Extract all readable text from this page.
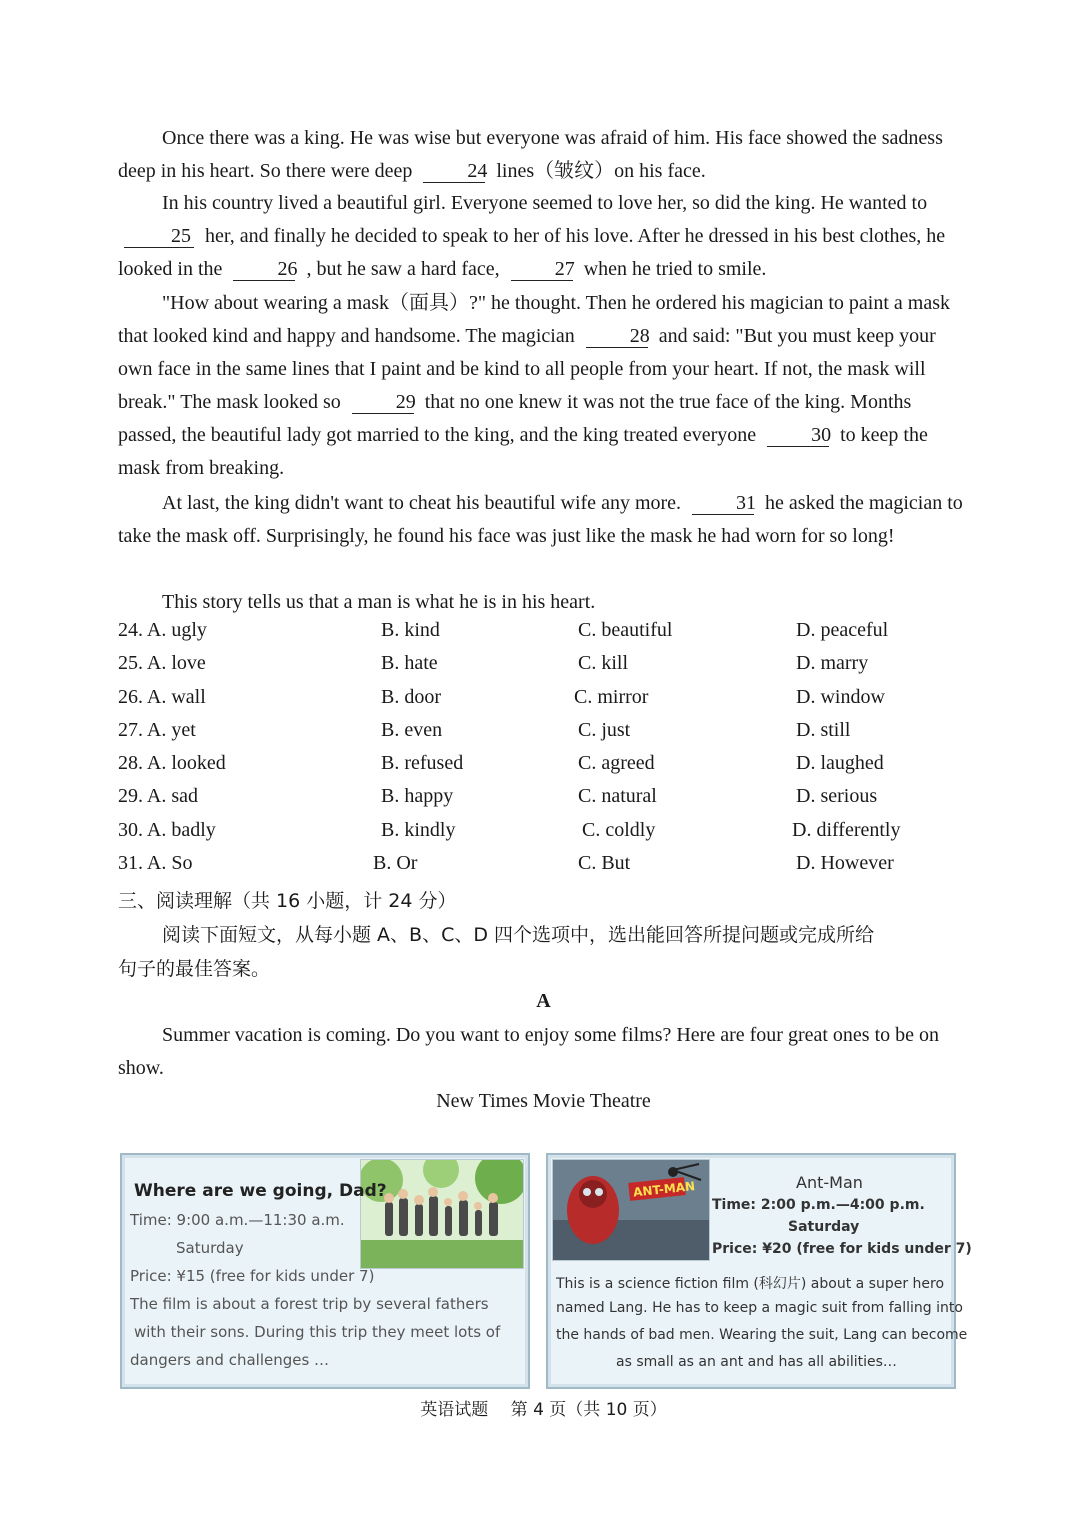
Once there was a king. He was wise but everyone was afraid of him. His face showed the sadness deep in his heart. So there were deep	24 lines（皱纹）on his face.

In his country lived a beautiful girl. Everyone seemed to love her, so did the king. He wanted to 25 her, and finally he decided to speak to her of his love. After he dressed in his best clothes, he looked in the	26 , but he saw a hard face,	27 when he tried to smile.

"How about wearing a mask（面具）?" he thought. Then he ordered his magician to paint a mask that looked kind and happy and handsome. The magician	28 and said: "But you must keep your own face in the same lines that I paint and be kind to all people from your heart. If not, the mask will break." The mask looked so	29 that no one knew it was not the true face of the king. Months passed, the beautiful lady got married to the king, and the king treated everyone	30 to keep the mask from breaking.

At last, the king didn't want to cheat his beautiful wife any more.	31 he asked the magician to take the mask off. Surprisingly, he found his face was just like the mask he had worn for so long!

This story tells us that a man is what he is in his heart.

24. A. ugly	B. kind	C. beautiful	D. peaceful
25. A. love	B. hate	C. kill	D. marry
26. A. wall	B. door	C. mirror	D. window
27. A. yet	B. even	C. just	D. still
28. A. looked	B. refused	C. agreed	D. laughed
29. A. sad	B. happy	C. natural	D. serious
30. A. badly	B. kindly	C. coldly	D. differently
31. A. So	B. Or	C. But	D. However
三、阅读理解（共 16 小题，计 24 分）

阅读下面短文，从每小题 A、B、C、D 四个选项中，选出能回答所提问题或完成所给句子的最佳答案。

A

Summer vacation is coming. Do you want to enjoy some films? Here are four great ones to be on show.

New Times Movie Theatre
Where are we going, Dad?
Time: 9:00 a.m.—11:30 a.m.
Saturday
Price: ¥15 (free for kids under 7)
The film is about a forest trip by several fathers
with their sons. During this trip they meet lots of
dangers and challenges …
ANT-MAN	Ant-Man
Time: 2:00 p.m.—4:00 p.m.
Saturday
Price: ¥20 (free for kids under 7)
This is a science fiction film (科幻片) about a super hero
named Lang. He has to keep a magic suit from falling into
the hands of bad men. Wearing the suit, Lang can become
as small as an ant and has all abilities…
英语试题　 第 4 页（共 10 页）
